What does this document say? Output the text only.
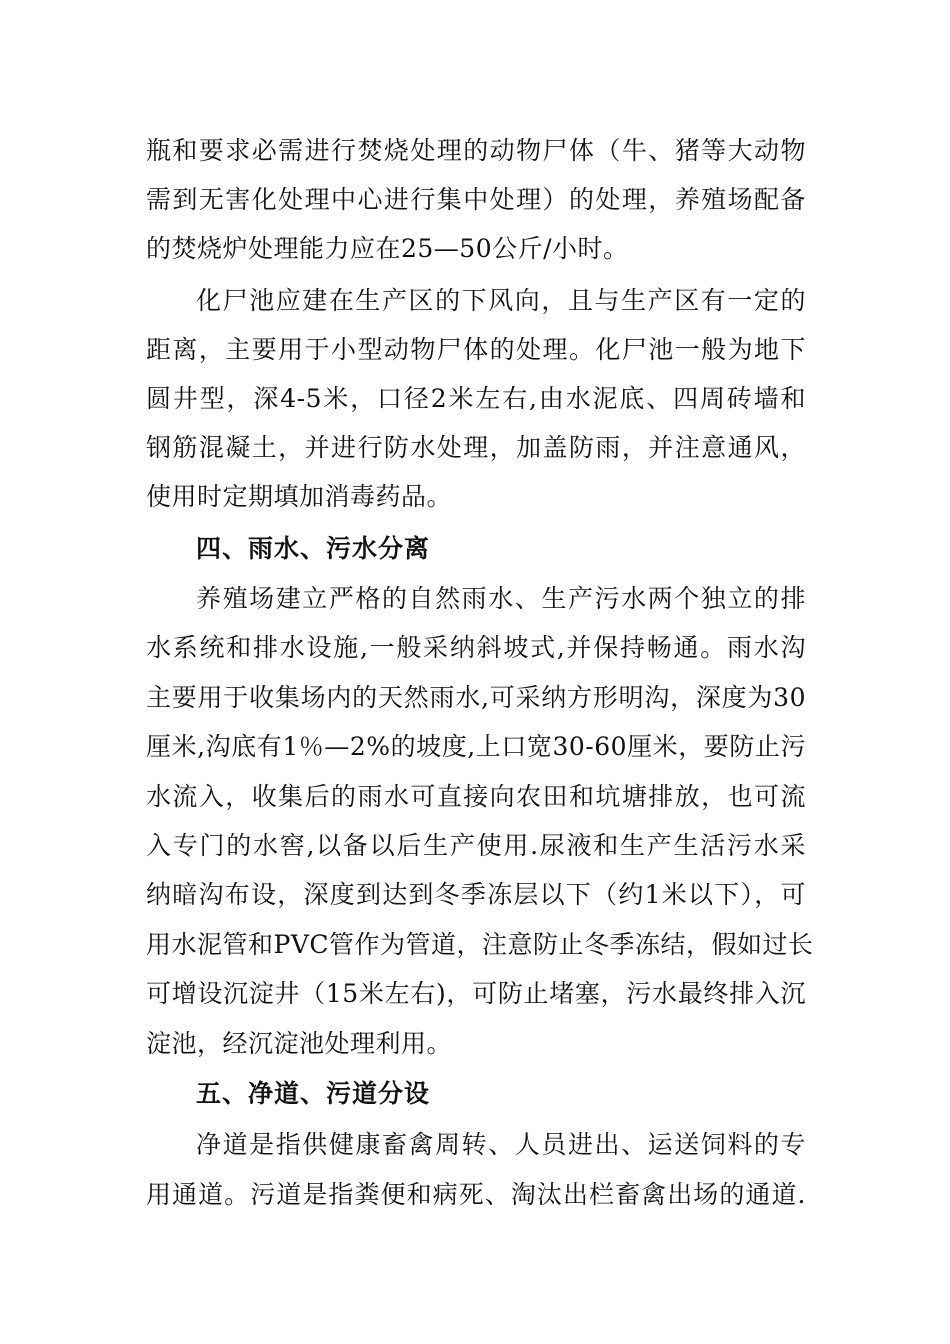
瓶和要求必需进行焚烧处理的动物尸体（牛、猪等大动物
需到无害化处理中心进行集中处理）的处理，养殖场配备
的焚烧炉处理能力应在25—50公斤/小时。
化尸池应建在生产区的下风向，且与生产区有一定的
距离，主要用于小型动物尸体的处理。化尸池一般为地下
圆井型，深4-5米，口径2米左右,由水泥底、四周砖墙和
钢筋混凝土，并进行防水处理，加盖防雨，并注意通风，
使用时定期填加消毒药品。
四、雨水、污水分离
养殖场建立严格的自然雨水、生产污水两个独立的排
水系统和排水设施,一般采纳斜坡式,并保持畅通。雨水沟
主要用于收集场内的天然雨水,可采纳方形明沟，深度为30
厘米,沟底有1％—2%的坡度,上口宽30-60厘米，要防止污
水流入，收集后的雨水可直接向农田和坑塘排放，也可流
入专门的水窖,以备以后生产使用.尿液和生产生活污水采
纳暗沟布设，深度到达到冬季冻层以下（约1米以下），可
用水泥管和PVC管作为管道，注意防止冬季冻结，假如过长
可增设沉淀井（15米左右)，可防止堵塞，污水最终排入沉
淀池，经沉淀池处理利用。
五、净道、污道分设
净道是指供健康畜禽周转、人员进出、运送饲料的专
用通道。污道是指粪便和病死、淘汰出栏畜禽出场的通道.
